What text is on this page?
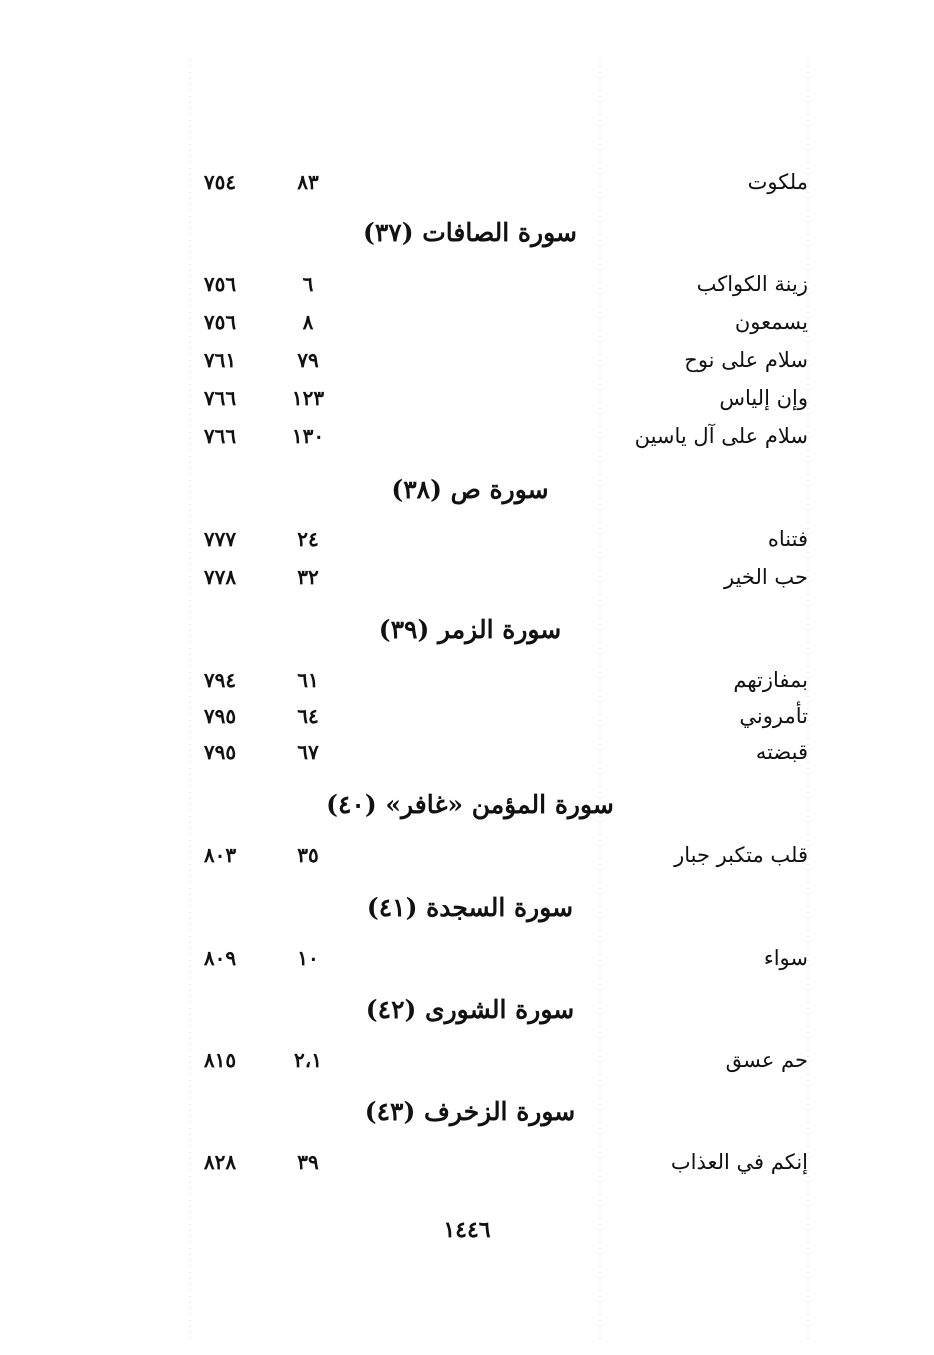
سورة الصافات (٣٧)
سورة ص (٣٨)
سورة الزمر (٣٩)
سورة المؤمن «غافر» (٤٠)
سورة السجدة (٤١)
سورة الشورى (٤٢)
سورة الزخرف (٤٣)
ملكوت
٨٣
٧٥٤
زينة الكواكب
٦
٧٥٦
يسمعون
٨
٧٥٦
سلام على نوح
٧٩
٧٦١
وإن إلياس
١٢٣
٧٦٦
سلام على آل ياسين
١٣٠
٧٦٦
فتناه
٢٤
٧٧٧
حب الخير
٣٢
٧٧٨
بمفازتهم
٦١
٧٩٤
تأمروني
٦٤
٧٩٥
قبضته
٦٧
٧٩٥
قلب متكبر جبار
٣٥
٨٠٣
سواء
١٠
٨٠٩
حم عسق
٢،١
٨١٥
إنكم في العذاب
٣٩
٨٢٨
١٤٤٦
